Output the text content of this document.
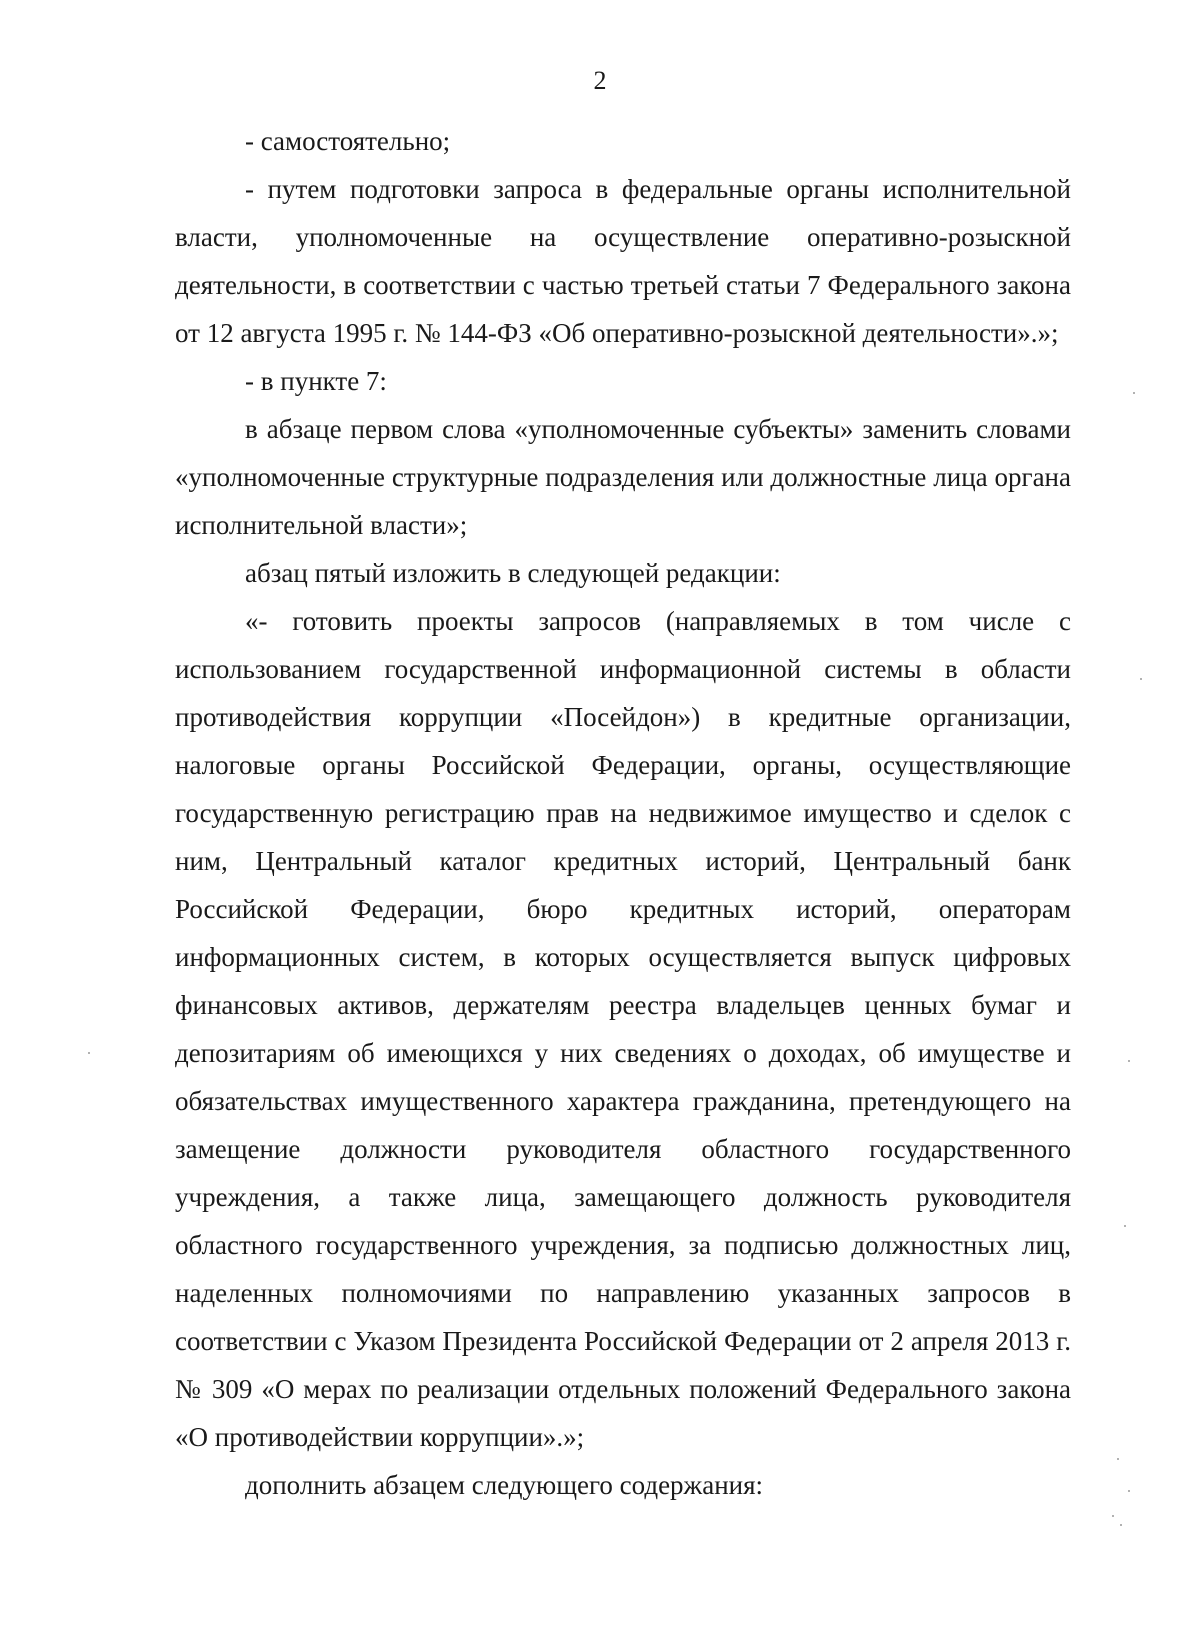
2

- самостоятельно;

- путем подготовки запроса в федеральные органы исполнительной власти, уполномоченные на осуществление оперативно-розыскной деятельности, в соответствии с частью третьей статьи 7 Федерального закона от 12 августа 1995 г. № 144-ФЗ «Об оперативно-розыскной деятельности».»;

- в пункте 7:

в абзаце первом слова «уполномоченные субъекты» заменить словами «уполномоченные структурные подразделения или должностные лица органа исполнительной власти»;

абзац пятый изложить в следующей редакции:

«- готовить проекты запросов (направляемых в том числе с использованием государственной информационной системы в области противодействия коррупции «Посейдон») в кредитные организации, налоговые органы Российской Федерации, органы, осуществляющие государственную регистрацию прав на недвижимое имущество и сделок с ним, Центральный каталог кредитных историй, Центральный банк Российской Федерации, бюро кредитных историй, операторам информационных систем, в которых осуществляется выпуск цифровых финансовых активов, держателям реестра владельцев ценных бумаг и депозитариям об имеющихся у них сведениях о доходах, об имуществе и обязательствах имущественного характера гражданина, претендующего на замещение должности руководителя областного государственного учреждения, а также лица, замещающего должность руководителя областного государственного учреждения, за подписью должностных лиц, наделенных полномочиями по направлению указанных запросов в соответствии с Указом Президента Российской Федерации от 2 апреля 2013 г. № 309 «О мерах по реализации отдельных положений Федерального закона «О противодействии коррупции».»;

дополнить абзацем следующего содержания:
